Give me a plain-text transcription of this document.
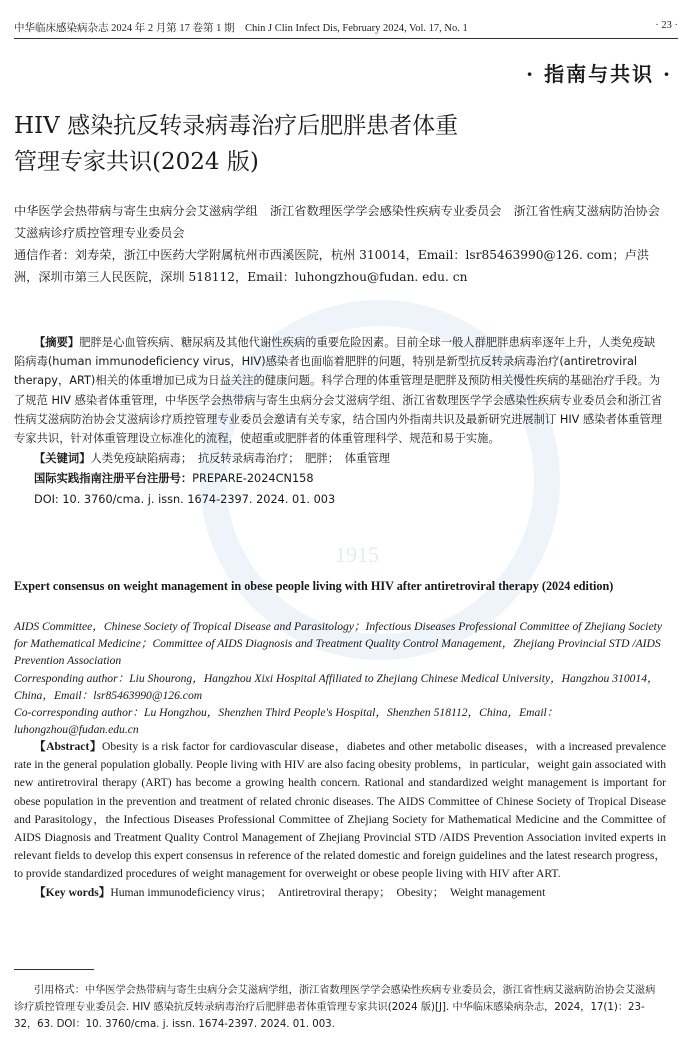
1915
中华临床感染病杂志 2024 年 2 月第 17 卷第 1 期　Chin J Clin Infect Dis, February 2024, Vol. 17, No. 1	· 23 ·
· 指南与共识 ·
HIV 感染抗反转录病毒治疗后肥胖患者体重
管理专家共识(2024 版)

中华医学会热带病与寄生虫病分会艾滋病学组　浙江省数理医学学会感染性疾病专业委员会　浙江省性病艾滋病防治协会艾滋病诊疗质控管理专业委员会

通信作者：刘寿荣，浙江中医药大学附属杭州市西溪医院，杭州 310014，Email：lsr85463990@126. com；卢洪洲，深圳市第三人民医院，深圳 518112，Email：luhongzhou@fudan. edu. cn

【摘要】肥胖是心血管疾病、糖尿病及其他代谢性疾病的重要危险因素。目前全球一般人群肥胖患病率逐年上升，人类免疫缺陷病毒(human immunodeficiency virus，HIV)感染者也面临着肥胖的问题，特别是新型抗反转录病毒治疗(antiretroviral therapy，ART)相关的体重增加已成为日益关注的健康问题。科学合理的体重管理是肥胖及预防相关慢性疾病的基础治疗手段。为了规范 HIV 感染者体重管理，中华医学会热带病与寄生虫病分会艾滋病学组、浙江省数理医学学会感染性疾病专业委员会和浙江省性病艾滋病防治协会艾滋病诊疗质控管理专业委员会邀请有关专家，结合国内外指南共识及最新研究进展制订 HIV 感染者体重管理专家共识，针对体重管理设立标准化的流程，使超重或肥胖者的体重管理科学、规范和易于实施。

【关键词】人类免疫缺陷病毒；　抗反转录病毒治疗；　肥胖；　体重管理

国际实践指南注册平台注册号：PREPARE-2024CN158

DOI: 10. 3760/cma. j. issn. 1674-2397. 2024. 01. 003

Expert consensus on weight management in obese people living with HIV after antiretroviral therapy (2024 edition)

AIDS Committee，Chinese Society of Tropical Disease and Parasitology；Infectious Diseases Professional Committee of Zhejiang Society for Mathematical Medicine；Committee of AIDS Diagnosis and Treatment Quality Control Management，Zhejiang Provincial STD /AIDS Prevention Association

Corresponding author：Liu Shourong，Hangzhou Xixi Hospital Affiliated to Zhejiang Chinese Medical University，Hangzhou 310014，China，Email：lsr85463990@126.com

Co-corresponding author：Lu Hongzhou，Shenzhen Third People's Hospital，Shenzhen 518112，China，Email：luhongzhou@fudan.edu.cn

【Abstract】Obesity is a risk factor for cardiovascular disease，diabetes and other metabolic diseases，with a increased prevalence rate in the general population globally. People living with HIV are also facing obesity problems，in particular，weight gain associated with new antiretroviral therapy (ART) has become a growing health concern. Rational and standardized weight management is important for obese population in the prevention and treatment of related chronic diseases. The AIDS Committee of Chinese Society of Tropical Disease and Parasitology，the Infectious Diseases Professional Committee of Zhejiang Society for Mathematical Medicine and the Committee of AIDS Diagnosis and Treatment Quality Control Management of Zhejiang Provincial STD /AIDS Prevention Association invited experts in relevant fields to develop this expert consensus in reference of the related domestic and foreign guidelines and the latest research progress，to provide standardized procedures of weight management for overweight or obese people living with HIV after ART.

【Key words】Human immunodeficiency virus；　Antiretroviral therapy；　Obesity；　Weight management

引用格式：中华医学会热带病与寄生虫病分会艾滋病学组，浙江省数理医学学会感染性疾病专业委员会，浙江省性病艾滋病防治协会艾滋病诊疗质控管理专业委员会. HIV 感染抗反转录病毒治疗后肥胖患者体重管理专家共识(2024 版)[J]. 中华临床感染病杂志，2024，17(1)：23-32，63. DOI：10. 3760/cma. j. issn. 1674-2397. 2024. 01. 003.
